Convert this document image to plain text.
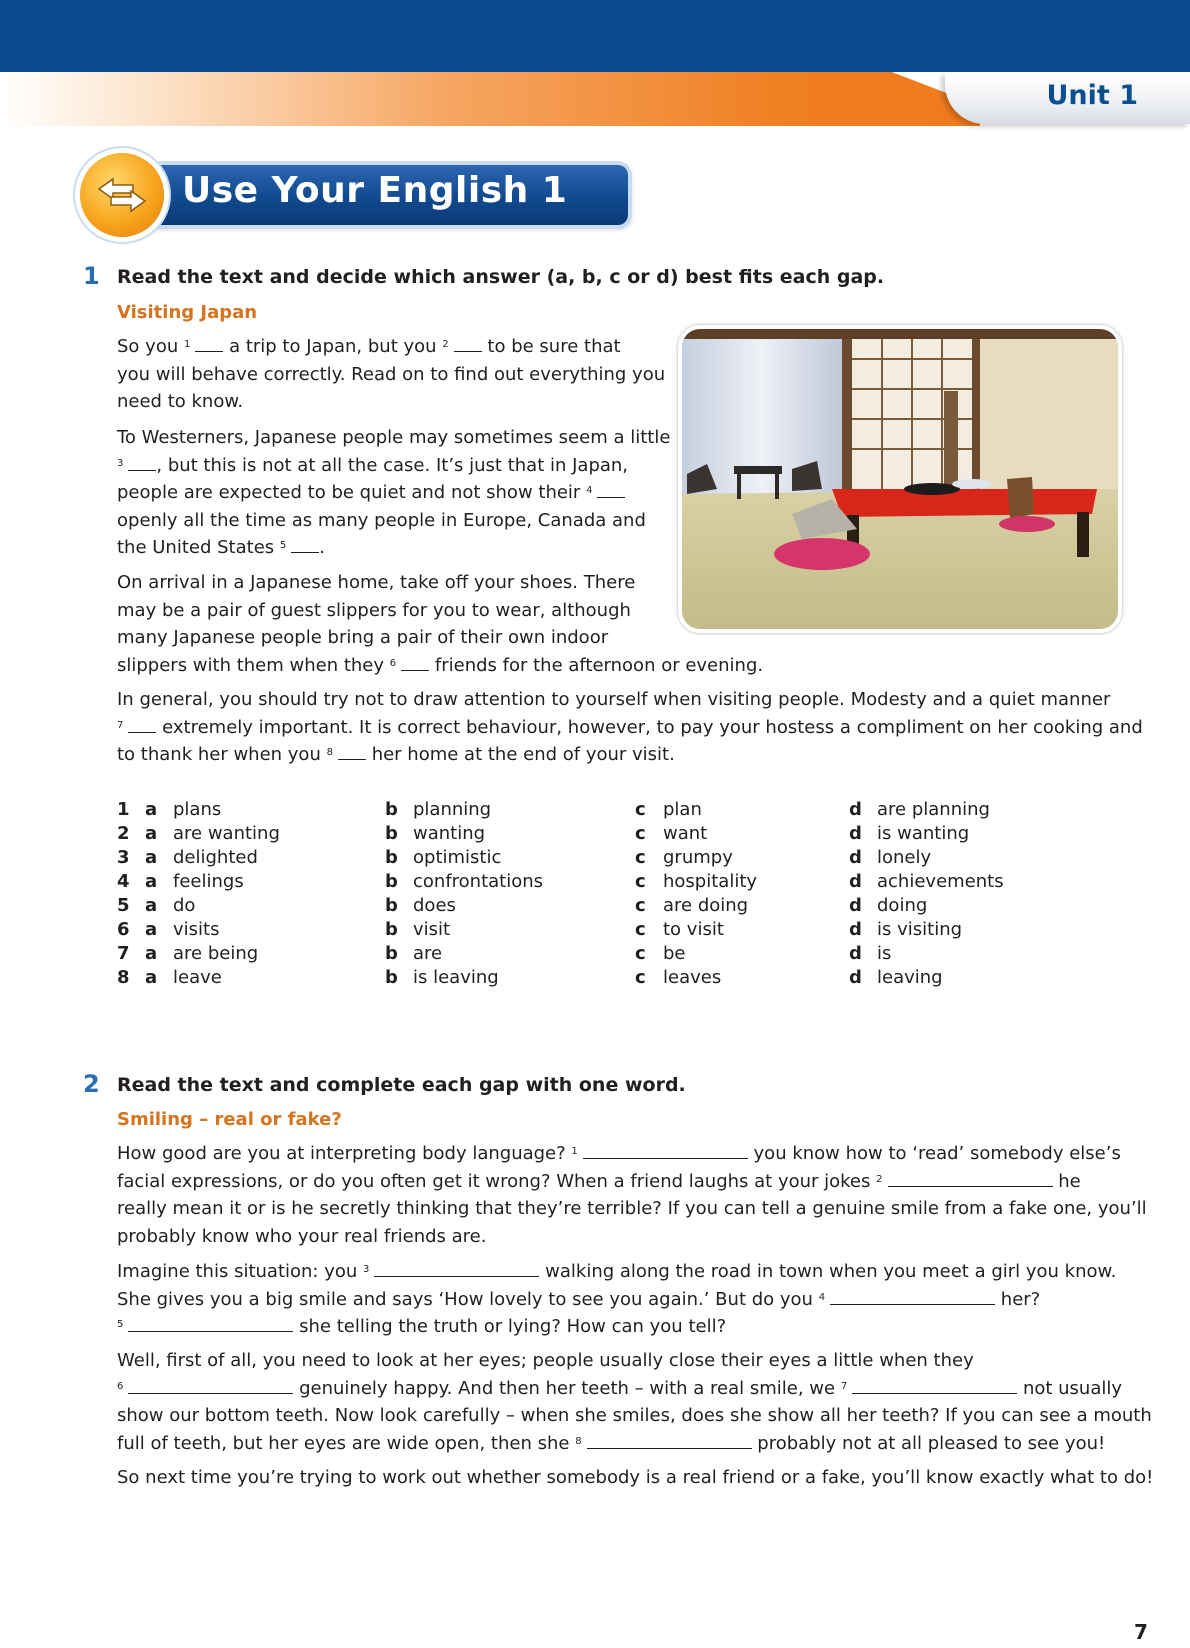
Unit 1
Use Your English 1
1 Read the text and decide which answer (a, b, c or d) best fits each gap.
Visiting Japan
So you $^1$ a trip to Japan, but you $^2$ to be sure that
you will behave correctly. Read on to find out everything you
need to know.
To Westerners, Japanese people may sometimes seem a little
$^3$ , but this is not at all the case. It’s just that in Japan,
people are expected to be quiet and not show their $^4$
openly all the time as many people in Europe, Canada and
the United States $^5$ .
On arrival in a Japanese home, take off your shoes. There
may be a pair of guest slippers for you to wear, although
many Japanese people bring a pair of their own indoor
slippers with them when they $^6$ friends for the afternoon or evening.
In general, you should try not to draw attention to yourself when visiting people. Modesty and a quiet manner
$^7$ extremely important. It is correct behaviour, however, to pay your hostess a compliment on her cooking and
to thank her when you $^8$ her home at the end of your visit.
1 a plans	b planning	c plan	d are planning
2 a are wanting	b wanting	c want	d is wanting
3 a delighted	b optimistic	c grumpy	d lonely
4 a feelings	b confrontations	c hospitality	d achievements
5 a do	b does	c are doing	d doing
6 a visits	b visit	c to visit	d is visiting
7 a are being	b are	c be	d is
8 a leave	b is leaving	c leaves	d leaving
2 Read the text and complete each gap with one word.
Smiling – real or fake?
How good are you at interpreting body language? $^1$	you know how to ‘read’ somebody else’s
facial expressions, or do you often get it wrong? When a friend laughs at your jokes $^2$	he
really mean it or is he secretly thinking that they’re terrible? If you can tell a genuine smile from a fake one, you’ll
probably know who your real friends are.
Imagine this situation: you $^3$	walking along the road in town when you meet a girl you know.
She gives you a big smile and says ‘How lovely to see you again.’ But do you $^4$	her?
$^5$	she telling the truth or lying? How can you tell?
Well, first of all, you need to look at her eyes; people usually close their eyes a little when they
$^6$	genuinely happy. And then her teeth – with a real smile, we $^7$	not usually
show our bottom teeth. Now look carefully – when she smiles, does she show all her teeth? If you can see a mouth
full of teeth, but her eyes are wide open, then she $^8$	probably not at all pleased to see you!
So next time you’re trying to work out whether somebody is a real friend or a fake, you’ll know exactly what to do!
7
